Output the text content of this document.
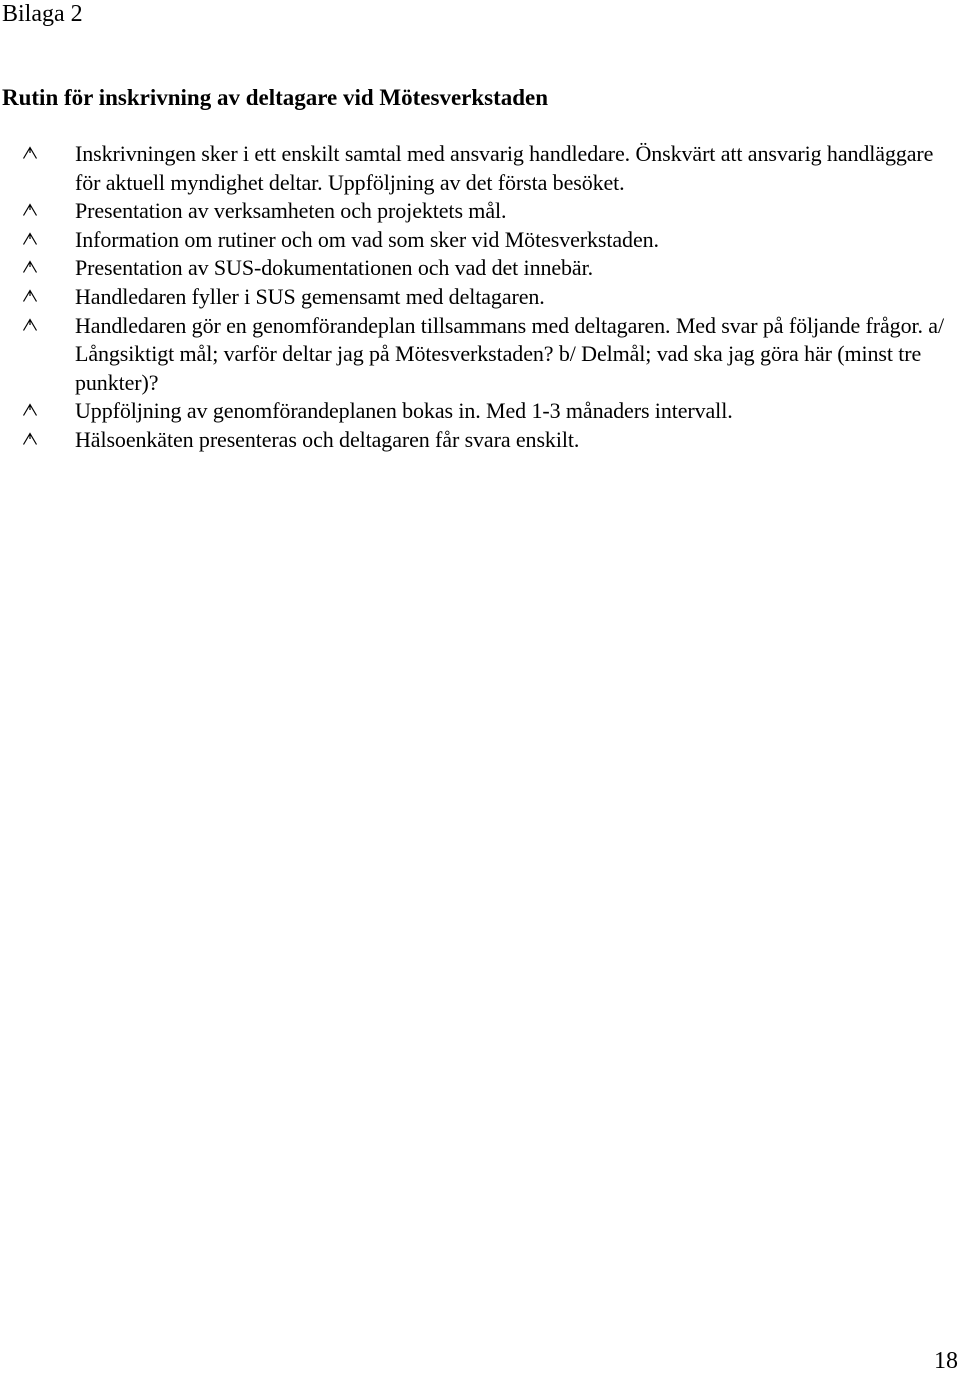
Bilaga 2
Rutin för inskrivning av deltagare vid Mötesverkstaden
Inskrivningen sker i ett enskilt samtal med ansvarig handledare. Önskvärt att ansvarig handläggare för aktuell myndighet deltar. Uppföljning av det första besöket.
Presentation av verksamheten och projektets mål.
Information om rutiner och om vad som sker vid Mötesverkstaden.
Presentation av SUS-dokumentationen och vad det innebär.
Handledaren fyller i SUS gemensamt med deltagaren.
Handledaren gör en genomförandeplan tillsammans med deltagaren. Med svar på följande frågor. a/ Långsiktigt mål; varför deltar jag på Mötesverkstaden? b/ Delmål; vad ska jag göra här (minst tre punkter)?
Uppföljning av genomförandeplanen bokas in. Med 1-3 månaders intervall.
Hälsoenkäten presenteras och deltagaren får svara enskilt.
18
